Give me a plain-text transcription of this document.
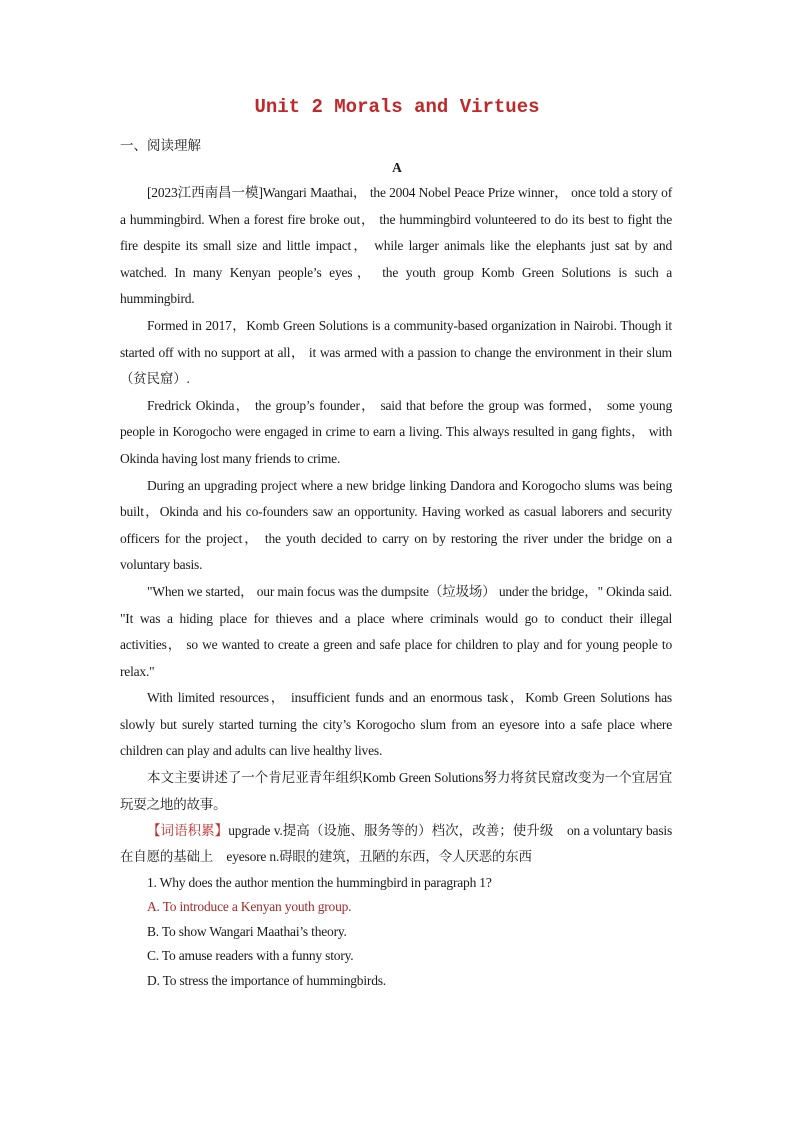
Unit 2 Morals and Virtues
一、阅读理解
A

[2023江西南昌一模]Wangari Maathai， the 2004 Nobel Peace Prize winner， once told a story of a hummingbird. When a forest fire broke out， the hummingbird volunteered to do its best to fight the fire despite its small size and little impact， while larger animals like the elephants just sat by and watched. In many Kenyan people’s eyes， the youth group Komb Green Solutions is such a hummingbird.

Formed in 2017，Komb Green Solutions is a community-based organization in Nairobi. Though it started off with no support at all， it was armed with a passion to change the environment in their slum（贫民窟）.

Fredrick Okinda， the group’s founder， said that before the group was formed， some young people in Korogocho were engaged in crime to earn a living. This always resulted in gang fights， with Okinda having lost many friends to crime.

During an upgrading project where a new bridge linking Dandora and Korogocho slums was being built，Okinda and his co-founders saw an opportunity. Having worked as casual laborers and security officers for the project， the youth decided to carry on by restoring the river under the bridge on a voluntary basis.

"When we started， our main focus was the dumpsite（垃圾场） under the bridge，" Okinda said. "It was a hiding place for thieves and a place where criminals would go to conduct their illegal activities， so we wanted to create a green and safe place for children to play and for young people to relax."

With limited resources， insufficient funds and an enormous task，Komb Green Solutions has slowly but surely started turning the city’s Korogocho slum from an eyesore into a safe place where children can play and adults can live healthy lives.

本文主要讲述了一个肯尼亚青年组织Komb Green Solutions努力将贫民窟改变为一个宜居宜玩耍之地的故事。

【词语积累】upgrade v.提高（设施、服务等的）档次，改善；使升级　on a voluntary basis 在自愿的基础上　eyesore n.碍眼的建筑，丑陋的东西，令人厌恶的东西

1. Why does the author mention the hummingbird in paragraph 1?

A. To introduce a Kenyan youth group.

B. To show Wangari Maathai’s theory.

C. To amuse readers with a funny story.

D. To stress the importance of hummingbirds.
